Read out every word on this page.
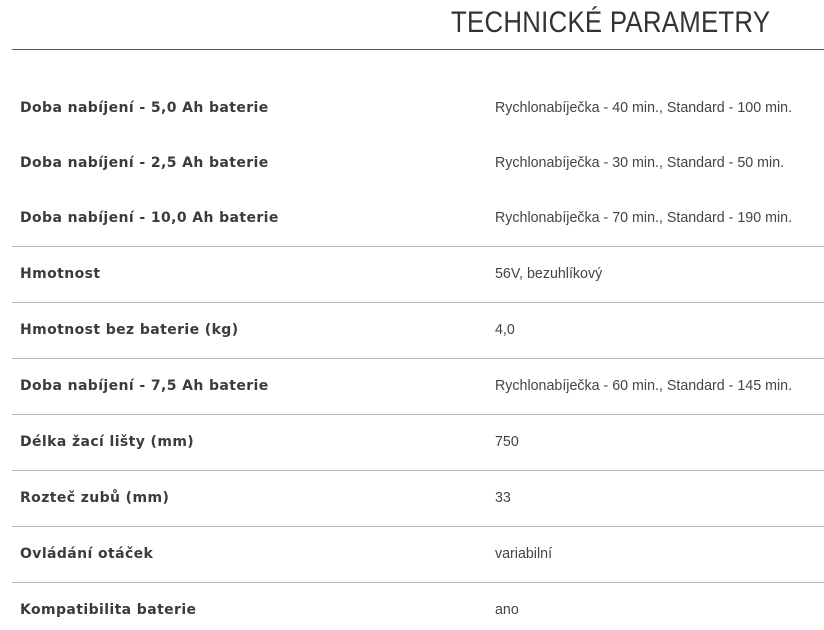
TECHNICKÉ PARAMETRY
Doba nabíjení - 5,0 Ah baterie	Rychlonabíječka - 40 min., Standard - 100 min.
Doba nabíjení - 2,5 Ah baterie	Rychlonabíječka - 30 min., Standard - 50 min.
Doba nabíjení - 10,0 Ah baterie	Rychlonabíječka - 70 min., Standard - 190 min.
Hmotnost	56V, bezuhlíkový
Hmotnost bez baterie (kg)	4,0
Doba nabíjení - 7,5 Ah baterie	Rychlonabíječka - 60 min., Standard - 145 min.
Délka žací lišty (mm)	750
Rozteč zubů (mm)	33
Ovládání otáček	variabilní
Kompatibilita baterie	ano
